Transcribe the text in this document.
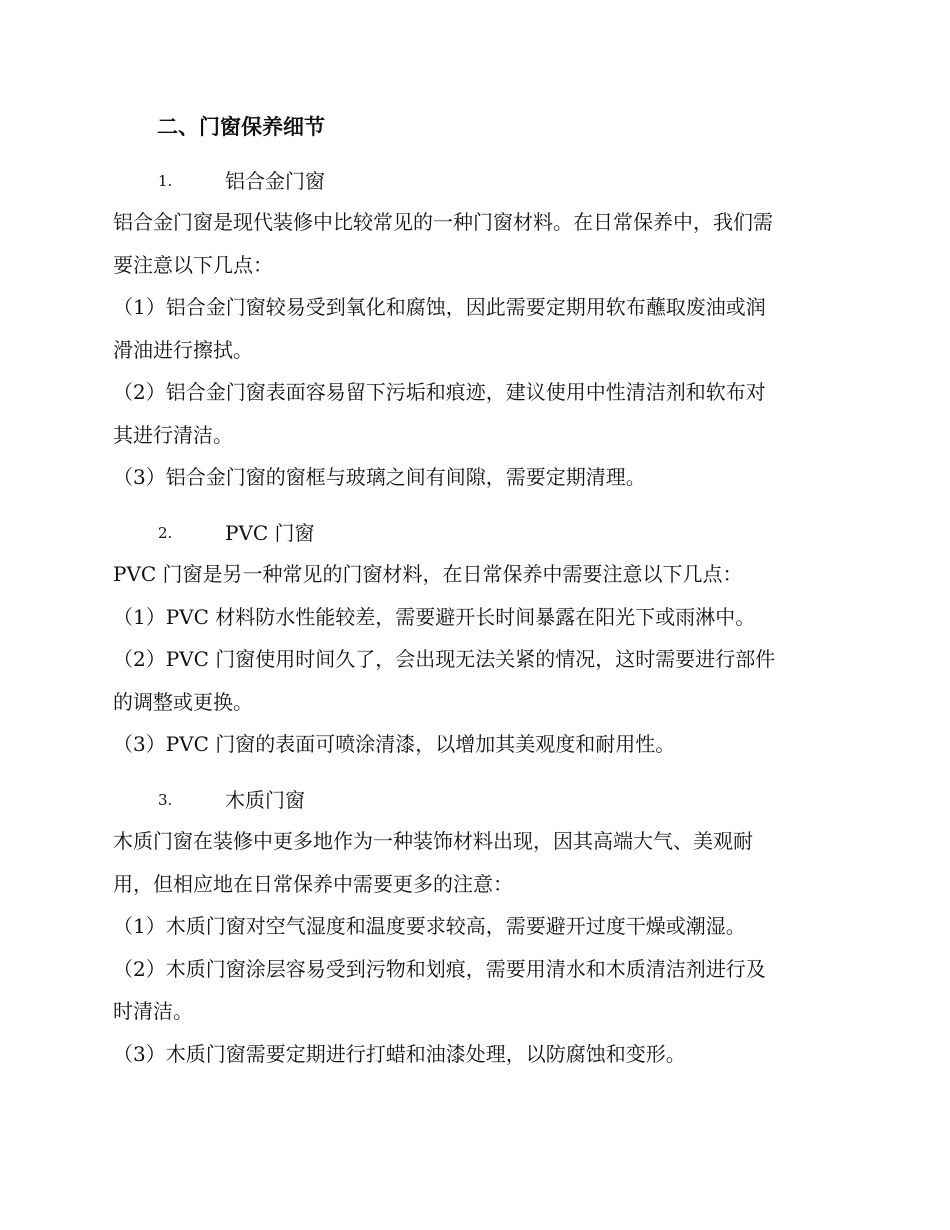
二、门窗保养细节
1.	铝合金门窗

铝合金门窗是现代装修中比较常见的一种门窗材料。在日常保养中，我们需

要注意以下几点：

（1）铝合金门窗较易受到氧化和腐蚀，因此需要定期用软布蘸取废油或润

滑油进行擦拭。

（2）铝合金门窗表面容易留下污垢和痕迹，建议使用中性清洁剂和软布对

其进行清洁。

（3）铝合金门窗的窗框与玻璃之间有间隙，需要定期清理。

2.	PVC 门窗

PVC 门窗是另一种常见的门窗材料，在日常保养中需要注意以下几点：

（1）PVC 材料防水性能较差，需要避开长时间暴露在阳光下或雨淋中。

（2）PVC 门窗使用时间久了，会出现无法关紧的情况，这时需要进行部件

的调整或更换。

（3）PVC 门窗的表面可喷涂清漆，以增加其美观度和耐用性。

3.	木质门窗

木质门窗在装修中更多地作为一种装饰材料出现，因其高端大气、美观耐

用，但相应地在日常保养中需要更多的注意：

（1）木质门窗对空气湿度和温度要求较高，需要避开过度干燥或潮湿。

（2）木质门窗涂层容易受到污物和划痕，需要用清水和木质清洁剂进行及

时清洁。

（3）木质门窗需要定期进行打蜡和油漆处理，以防腐蚀和变形。
